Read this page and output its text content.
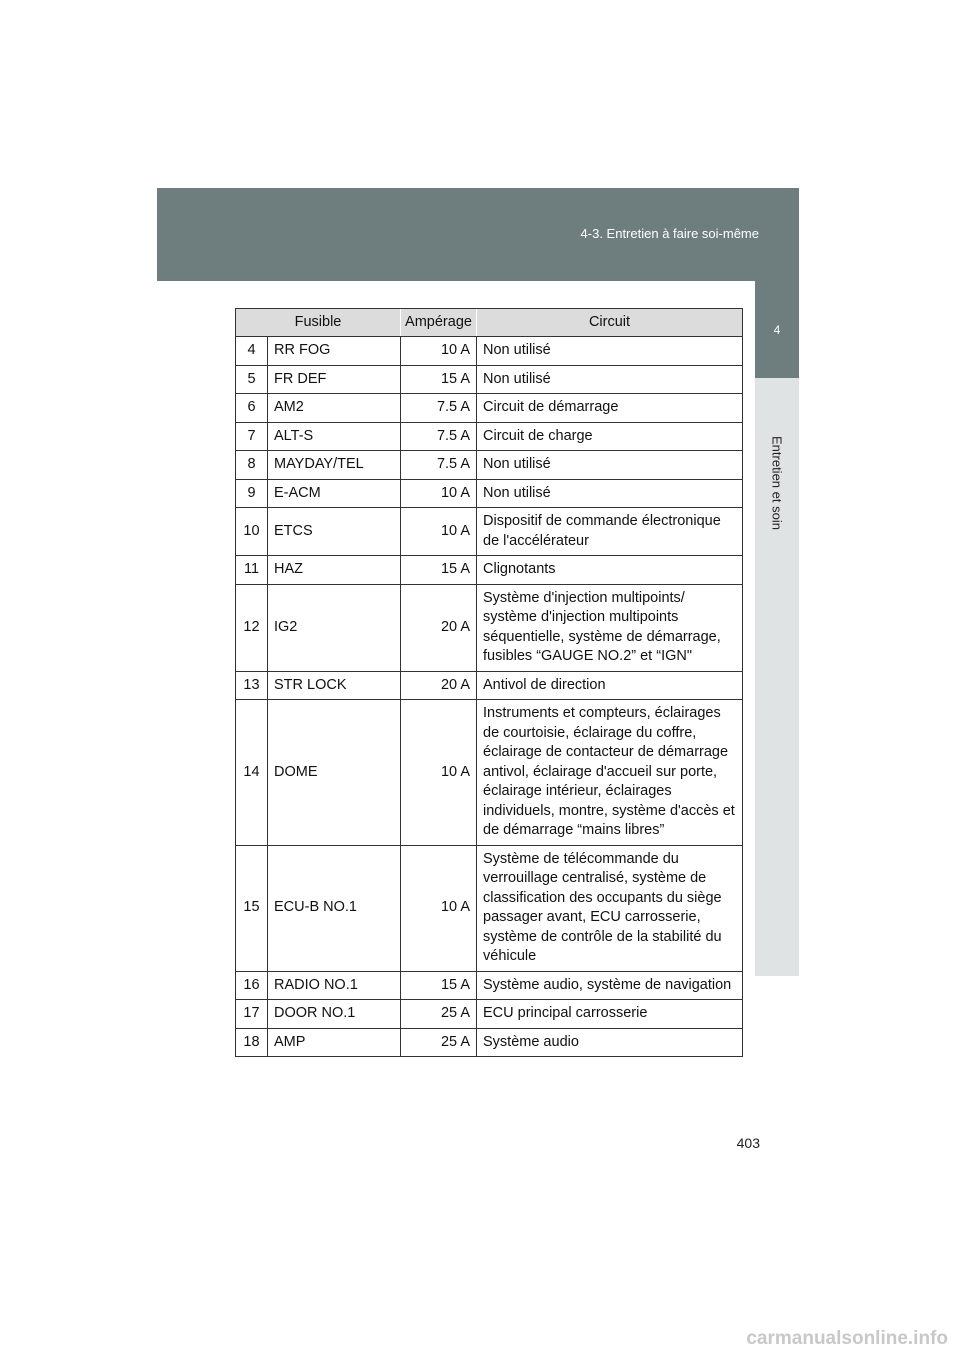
4-3. Entretien à faire soi-même
4
Entretien et soin
Fusible		Ampérage	Circuit
4	RR FOG	10 A	Non utilisé
5	FR DEF	15 A	Non utilisé
6	AM2	7.5 A	Circuit de démarrage
7	ALT-S	7.5 A	Circuit de charge
8	MAYDAY/TEL	7.5 A	Non utilisé
9	E-ACM	10 A	Non utilisé
10	ETCS	10 A	Dispositif de commande électronique de l'accélérateur
11	HAZ	15 A	Clignotants
12	IG2	20 A	Système d'injection multipoints/ système d'injection multipoints séquentielle, système de démarrage, fusibles “GAUGE NO.2” et “IGN"
13	STR LOCK	20 A	Antivol de direction
14	DOME	10 A	Instruments et compteurs, éclairages de courtoisie, éclairage du coffre, éclairage de contacteur de démarrage antivol, éclairage d'accueil sur porte, éclairage intérieur, éclairages individuels, montre, système d'accès et de démarrage “mains libres”
15	ECU-B NO.1	10 A	Système de télécommande du verrouillage centralisé, système de classification des occupants du siège passager avant, ECU carrosserie, système de contrôle de la stabilité du véhicule
16	RADIO NO.1	15 A	Système audio, système de navigation
17	DOOR NO.1	25 A	ECU principal carrosserie
18	AMP	25 A	Système audio
403
carmanualsonline.info
